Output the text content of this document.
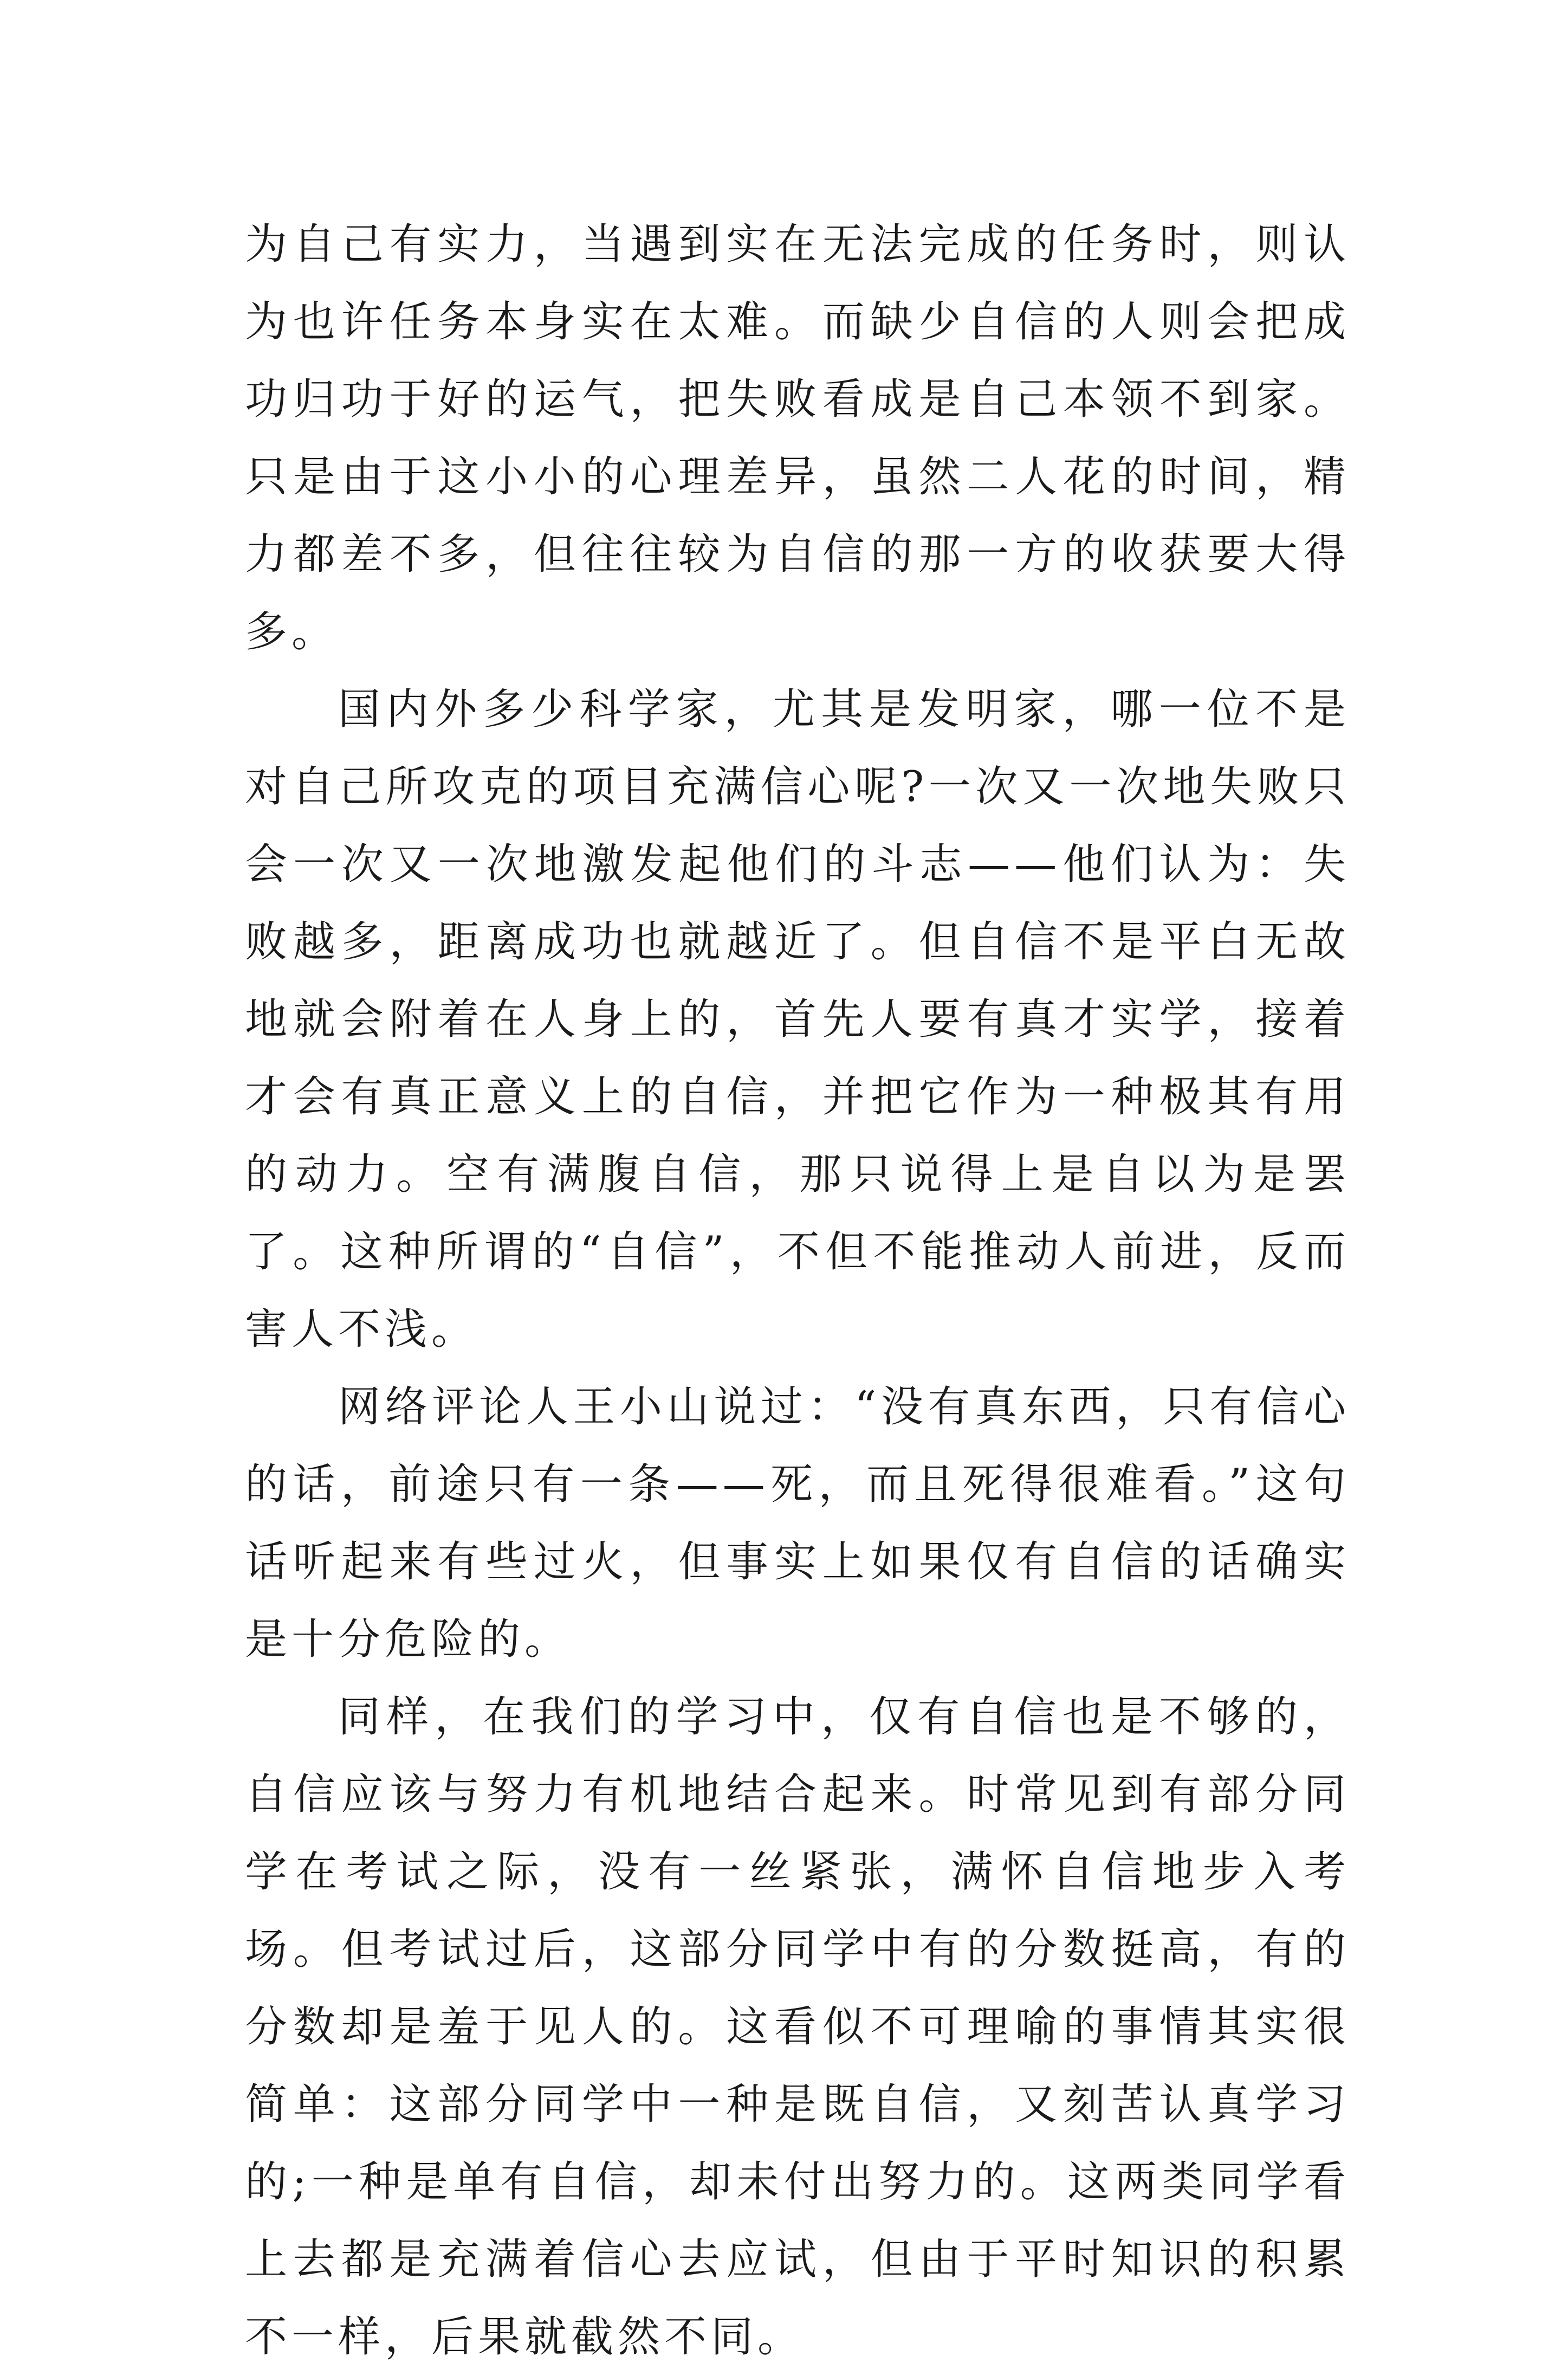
为自己有实力，当遇到实在无法完成的任务时，则认为也许任务本身实在太难。而缺少自信的人则会把成功归功于好的运气，把失败看成是自己本领不到家。只是由于这小小的心理差异，虽然二人花的时间，精力都差不多，但往往较为自信的那一方的收获要大得多。

国内外多少科学家，尤其是发明家，哪一位不是对自己所攻克的项目充满信心呢?一次又一次地失败只会一次又一次地激发起他们的斗志——他们认为：失败越多，距离成功也就越近了。但自信不是平白无故地就会附着在人身上的，首先人要有真才实学，接着才会有真正意义上的自信，并把它作为一种极其有用的动力。空有满腹自信，那只说得上是自以为是罢了。这种所谓的“自信”，不但不能推动人前进，反而害人不浅。

网络评论人王小山说过：“没有真东西，只有信心的话，前途只有一条——死，而且死得很难看。”这句话听起来有些过火，但事实上如果仅有自信的话确实是十分危险的。

同样，在我们的学习中，仅有自信也是不够的，自信应该与努力有机地结合起来。时常见到有部分同学在考试之际，没有一丝紧张，满怀自信地步入考场。但考试过后，这部分同学中有的分数挺高，有的分数却是羞于见人的。这看似不可理喻的事情其实很简单：这部分同学中一种是既自信，又刻苦认真学习的;一种是单有自信，却未付出努力的。这两类同学看上去都是充满着信心去应试，但由于平时知识的积累不一样，后果就截然不同。
